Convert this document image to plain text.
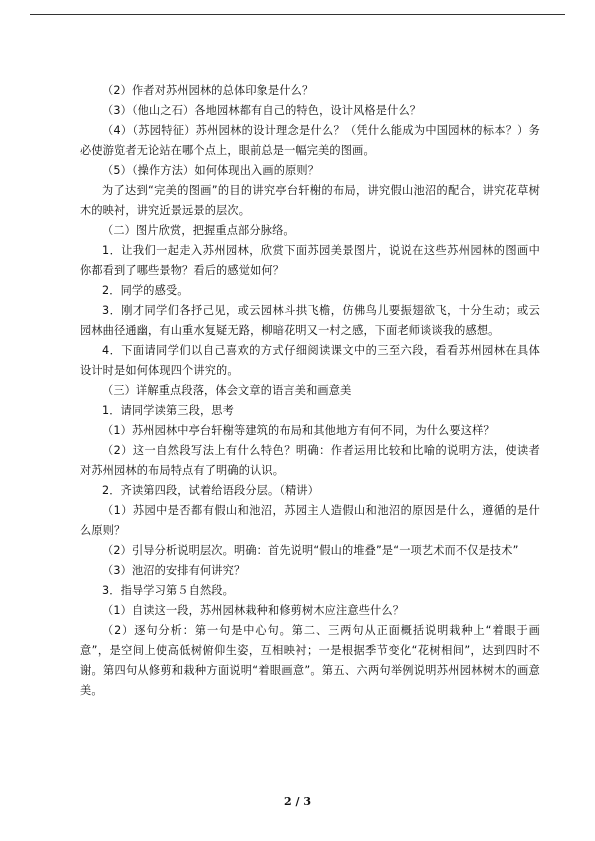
（2）作者对苏州园林的总体印象是什么？

（3）（他山之石）各地园林都有自己的特色，设计风格是什么？

（4）（苏园特征）苏州园林的设计理念是什么？（凭什么能成为中国园林的标本？）务必使游览者无论站在哪个点上，眼前总是一幅完美的图画。

（5）（操作方法）如何体现出入画的原则？

为了达到“完美的图画”的目的讲究亭台轩榭的布局，讲究假山池沼的配合，讲究花草树木的映衬，讲究近景远景的层次。

（二）图片欣赏，把握重点部分脉络。

1．让我们一起走入苏州园林，欣赏下面苏园美景图片，说说在这些苏州园林的图画中你都看到了哪些景物？看后的感觉如何？

2．同学的感受。

3．刚才同学们各抒己见，或云园林斗拱飞檐，仿佛鸟儿要振翅欲飞，十分生动；或云园林曲径通幽，有山重水复疑无路，柳暗花明又一村之感，下面老师谈谈我的感想。

4．下面请同学们以自己喜欢的方式仔细阅读课文中的三至六段，看看苏州园林在具体设计时是如何体现四个讲究的。

（三）详解重点段落，体会文章的语言美和画意美

1．请同学读第三段，思考

（1）苏州园林中亭台轩榭等建筑的布局和其他地方有何不同，为什么要这样？

（2）这一自然段写法上有什么特色？明确：作者运用比较和比喻的说明方法，使读者对苏州园林的布局特点有了明确的认识。

2．齐读第四段，试着给语段分层。（精讲）

（1）苏园中是否都有假山和池沼，苏园主人造假山和池沼的原因是什么，遵循的是什么原则？

（2）引导分析说明层次。明确：首先说明“假山的堆叠”是“一项艺术而不仅是技术”

（3）池沼的安排有何讲究？

3．指导学习第５自然段。

（1）自读这一段，苏州园林栽种和修剪树木应注意些什么？

（2）逐句分析：第一句是中心句。第二、三两句从正面概括说明栽种上“着眼于画意”，是空间上使高低树俯仰生姿，互相映衬；一是根据季节变化“花树相间”，达到四时不谢。第四句从修剪和栽种方面说明“着眼画意”。第五、六两句举例说明苏州园林树木的画意美。

2 / 3
